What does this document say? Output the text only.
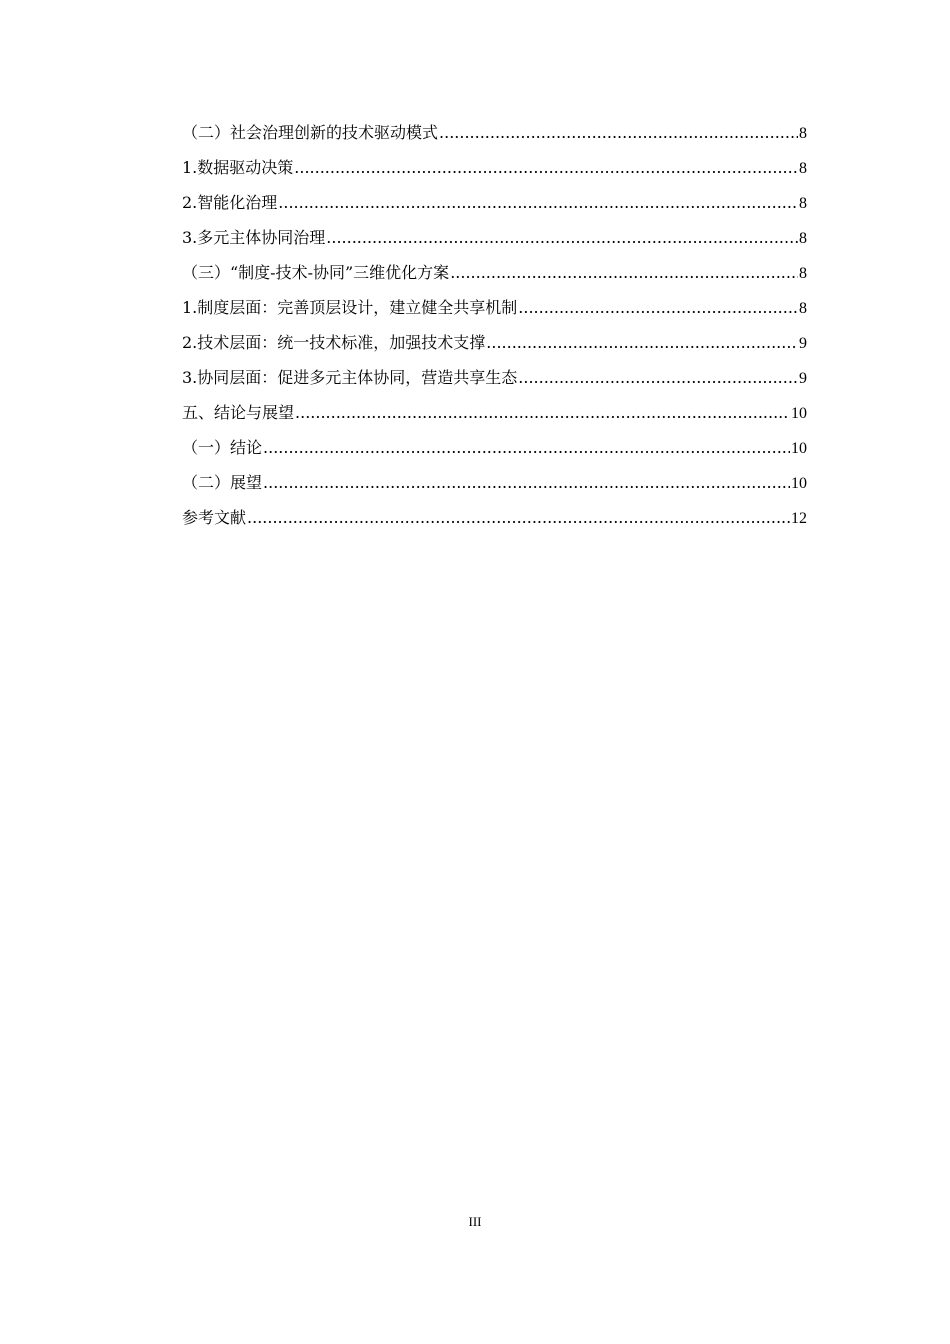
（二）社会治理创新的技术驱动模式 .....	8
1.数据驱动决策 .....	8
2.智能化治理 .....	8
3.多元主体协同治理 .....	8
（三）“制度-技术-协同”三维优化方案 .....	8
1.制度层面：完善顶层设计，建立健全共享机制 .....	8
2.技术层面：统一技术标准，加强技术支撑 .....	9
3.协同层面：促进多元主体协同，营造共享生态 .....	9
五、结论与展望 .....	10
（一）结论 .....	10
（二）展望 .....	10
参考文献 .....	12
III
